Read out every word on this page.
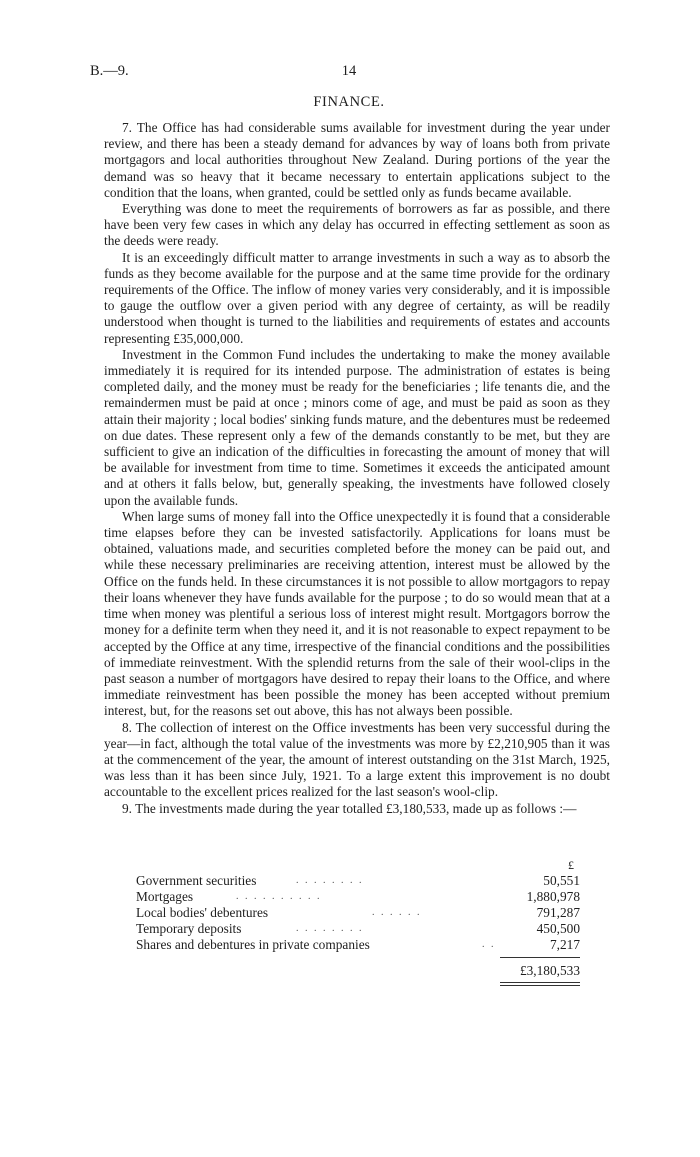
B.—9.	14
FINANCE.

7. The Office has had considerable sums available for investment during the year under review, and there has been a steady demand for advances by way of loans both from private mortgagors and local authorities throughout New Zealand. During portions of the year the demand was so heavy that it became necessary to entertain applications subject to the condition that the loans, when granted, could be settled only as funds became available.

Everything was done to meet the requirements of borrowers as far as possible, and there have been very few cases in which any delay has occurred in effecting settlement as soon as the deeds were ready.

It is an exceedingly difficult matter to arrange investments in such a way as to absorb the funds as they become available for the purpose and at the same time provide for the ordinary requirements of the Office. The inflow of money varies very considerably, and it is impossible to gauge the outflow over a given period with any degree of certainty, as will be readily understood when thought is turned to the liabilities and requirements of estates and accounts representing £35,000,000.

Investment in the Common Fund includes the undertaking to make the money available immediately it is required for its intended purpose. The administration of estates is being completed daily, and the money must be ready for the beneficiaries ; life tenants die, and the remaindermen must be paid at once ; minors come of age, and must be paid as soon as they attain their majority ; local bodies' sinking funds mature, and the debentures must be redeemed on due dates. These represent only a few of the demands constantly to be met, but they are sufficient to give an indication of the difficulties in forecasting the amount of money that will be available for investment from time to time. Sometimes it exceeds the anticipated amount and at others it falls below, but, generally speaking, the investments have followed closely upon the available funds.

When large sums of money fall into the Office unexpectedly it is found that a considerable time elapses before they can be invested satisfactorily. Applications for loans must be obtained, valuations made, and securities completed before the money can be paid out, and while these necessary preliminaries are receiving attention, interest must be allowed by the Office on the funds held. In these circumstances it is not possible to allow mortgagors to repay their loans whenever they have funds available for the purpose ; to do so would mean that at a time when money was plentiful a serious loss of interest might result. Mortgagors borrow the money for a definite term when they need it, and it is not reasonable to expect repayment to be accepted by the Office at any time, irrespective of the financial conditions and the possibilities of immediate reinvestment. With the splendid returns from the sale of their wool-clips in the past season a number of mortgagors have desired to repay their loans to the Office, and where immediate reinvestment has been possible the money has been accepted without premium interest, but, for the reasons set out above, this has not always been possible.

8. The collection of interest on the Office investments has been very successful during the year—in fact, although the total value of the investments was more by £2,210,905 than it was at the commencement of the year, the amount of interest outstanding on the 31st March, 1925, was less than it has been since July, 1921. To a large extent this improvement is no doubt accountable to the excellent prices realized for the last season's wool-clip.

9. The investments made during the year totalled £3,180,533, made up as follows :—

£
Government securities	. . . . . . . .	50,551
Mortgages	. . . . . . . . . .	1,880,978
Local bodies' debentures	. . . . . .	791,287
Temporary deposits	. . . . . . . .	450,500
Shares and debentures in private companies	. .	7,217
£3,180,533
